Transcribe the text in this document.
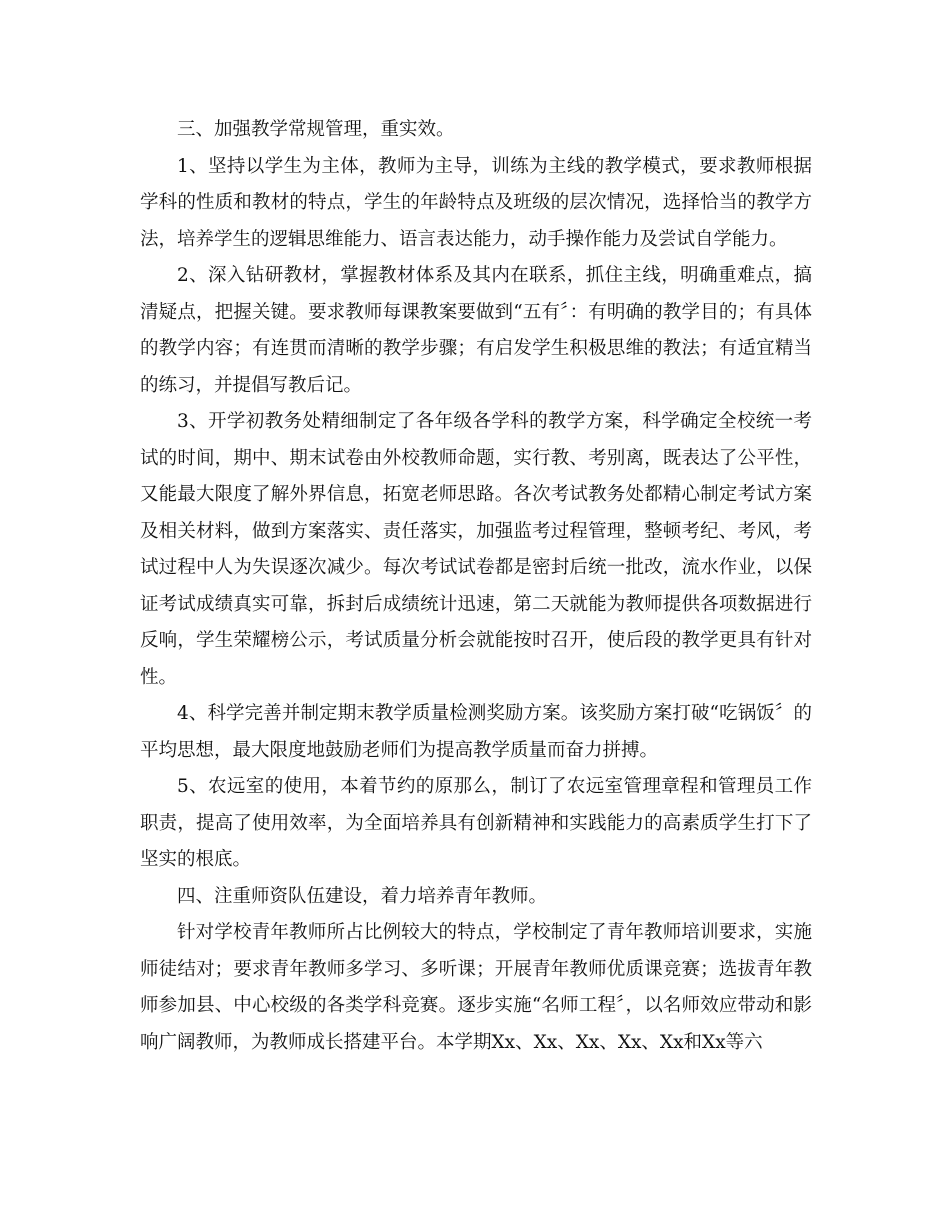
三、加强教学常规管理，重实效。

1、坚持以学生为主体，教师为主导，训练为主线的教学模式，要求教师根据学科的性质和教材的特点，学生的年龄特点及班级的层次情况，选择恰当的教学方法，培养学生的逻辑思维能力、语言表达能力，动手操作能力及尝试自学能力。

2、深入钻研教材，掌握教材体系及其内在联系，抓住主线，明确重难点，搞清疑点，把握关键。要求教师每课教案要做到“五有〞：有明确的教学目的；有具体的教学内容；有连贯而清晰的教学步骤；有启发学生积极思维的教法；有适宜精当的练习，并提倡写教后记。

3、开学初教务处精细制定了各年级各学科的教学方案，科学确定全校统一考试的时间，期中、期末试卷由外校教师命题，实行教、考别离，既表达了公平性，又能最大限度了解外界信息，拓宽老师思路。各次考试教务处都精心制定考试方案及相关材料，做到方案落实、责任落实，加强监考过程管理，整顿考纪、考风，考试过程中人为失误逐次减少。每次考试试卷都是密封后统一批改，流水作业，以保证考试成绩真实可靠，拆封后成绩统计迅速，第二天就能为教师提供各项数据进行反响，学生荣耀榜公示，考试质量分析会就能按时召开，使后段的教学更具有针对性。

4、科学完善并制定期末教学质量检测奖励方案。该奖励方案打破“吃锅饭〞的平均思想，最大限度地鼓励老师们为提高教学质量而奋力拼搏。

5、农远室的使用，本着节约的原那么，制订了农远室管理章程和管理员工作职责，提高了使用效率，为全面培养具有创新精神和实践能力的高素质学生打下了坚实的根底。

四、注重师资队伍建设，着力培养青年教师。

针对学校青年教师所占比例较大的特点，学校制定了青年教师培训要求，实施师徒结对；要求青年教师多学习、多听课；开展青年教师优质课竞赛；选拔青年教师参加县、中心校级的各类学科竞赛。逐步实施“名师工程〞，以名师效应带动和影响广阔教师，为教师成长搭建平台。本学期Xx、Xx、Xx、Xx、Xx和Xx等六
